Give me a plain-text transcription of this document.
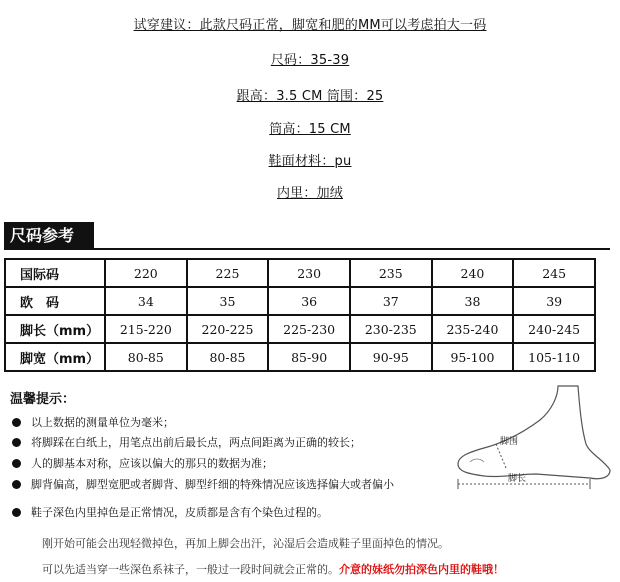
试穿建议：此款尺码正常，脚宽和肥的MM可以考虑拍大一码
尺码：35-39
跟高：3.5 CM 筒围：25
筒高：15 CM
鞋面材料：pu
内里：加绒
尺码参考
国际码	220	225	230	235	240	245
欧　码	34	35	36	37	38	39
脚长（mm）	215-220	220-225	225-230	230-235	235-240	240-245
脚宽（mm）	80-85	80-85	85-90	90-95	95-100	105-110
温馨提示：
以上数据的测量单位为毫米；
将脚踩在白纸上，用笔点出前后最长点，两点间距离为正确的较长；
人的脚基本对称，应该以偏大的那只的数据为准；
脚背偏高，脚型宽肥或者脚背、脚型纤细的特殊情况应该选择偏大或者偏小
鞋子深色内里掉色是正常情况，皮质都是含有个染色过程的。
刚开始可能会出现轻微掉色，再加上脚会出汗，沁湿后会造成鞋子里面掉色的情况。
可以先适当穿一些深色系袜子，一般过一段时间就会正常的。介意的妹纸勿拍深色内里的鞋哦！
脚围
脚长
